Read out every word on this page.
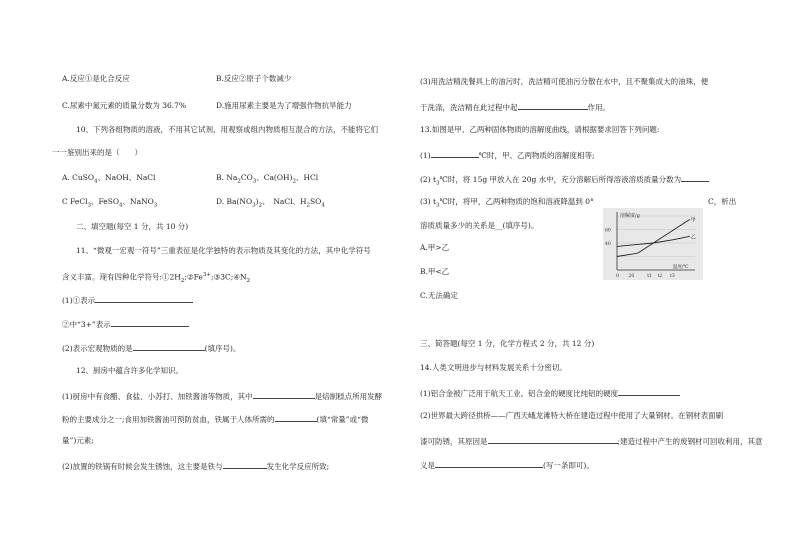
A.反应①是化合反应	B.反应②原子个数减少
C.尿素中氮元素的质量分数为 36.7%	D.施用尿素主要是为了增强作物抗旱能力
10、下列各组物质的溶液，不用其它试剂，用观察或组内物质相互混合的方法，不能将它们
一一鉴别出来的是（　　）
A. CuSO$_4$、NaOH、NaCl	B. $Na_2CO_3$、$Ca(OH)_2$、HCl
C FeCl$_3$、FeSO$_4$、NaNO$_3$	D. $Ba(NO_3)_2$、　NaCl、$H_2SO_4$
二、填空题(每空 1 分，共 10 分)
11、“微观一宏观一符号”三重表征是化学独特的表示物质及其变化的方法，其中化学符号
含义丰富。现有四种化学符号$:①2H_2;②Fe^{3+};③3C;④N_2$
(1)①表示
②中“3+”表示
(2)表示宏观物质的是	(填序号)。
12、厨房中蕴含许多化学知识。
(1)厨房中有食醋、食盐、小苏打、加铁酱油等物质，其中	是焙制糕点所用发酵
粉的主要成分之一;食用加铁酱油可预防贫血，铁属于人体所需的	(填“常量”或“微
量”)元素;
(2)放置的铁锅有时候会发生锈蚀，这主要是铁与	发生化学反应所致;
(3)用洗洁精洗餐具上的油污时，洗洁精可使油污分散在水中，且不聚集成大的油珠，便
于洗涤，洗洁精在此过程中起	作用。
13.如图是甲、乙两种固体物质的溶解度曲线，请根据要求回答下列问题:
(1)	℃时，甲、乙两物质的溶解度相等;
(2) $t_3℃$时，将 15g 甲放入在 20g 水中，充分溶解后所得溶液溶质质量分数为
(3) $t_3℃$时，将甲，乙两种物质的饱和溶液降温到 0°	C，析出
溶质质量多少的关系是__(填序号)。
A.甲>乙
B.甲<乙
C.无法确定
三、简答题(每空 1 分，化学方程式 2 分，共 12 分)
14.人类文明进步与材料发展关系十分密切。
(1)铝合金被广泛用于航天工业。铝合金的硬度比纯铝的硬度
(2)世界最大跨径拱桥——广西天峨龙滩特大桥在建造过程中使用了大量钢材。在钢材表面刷
漆可防锈，其原因是	;建造过程中产生的废钢材可回收利用，其意
义是	(写一条即可)。
溶解度/g
温度/℃
60
40
0 20	t1 t2 t3
甲
乙
